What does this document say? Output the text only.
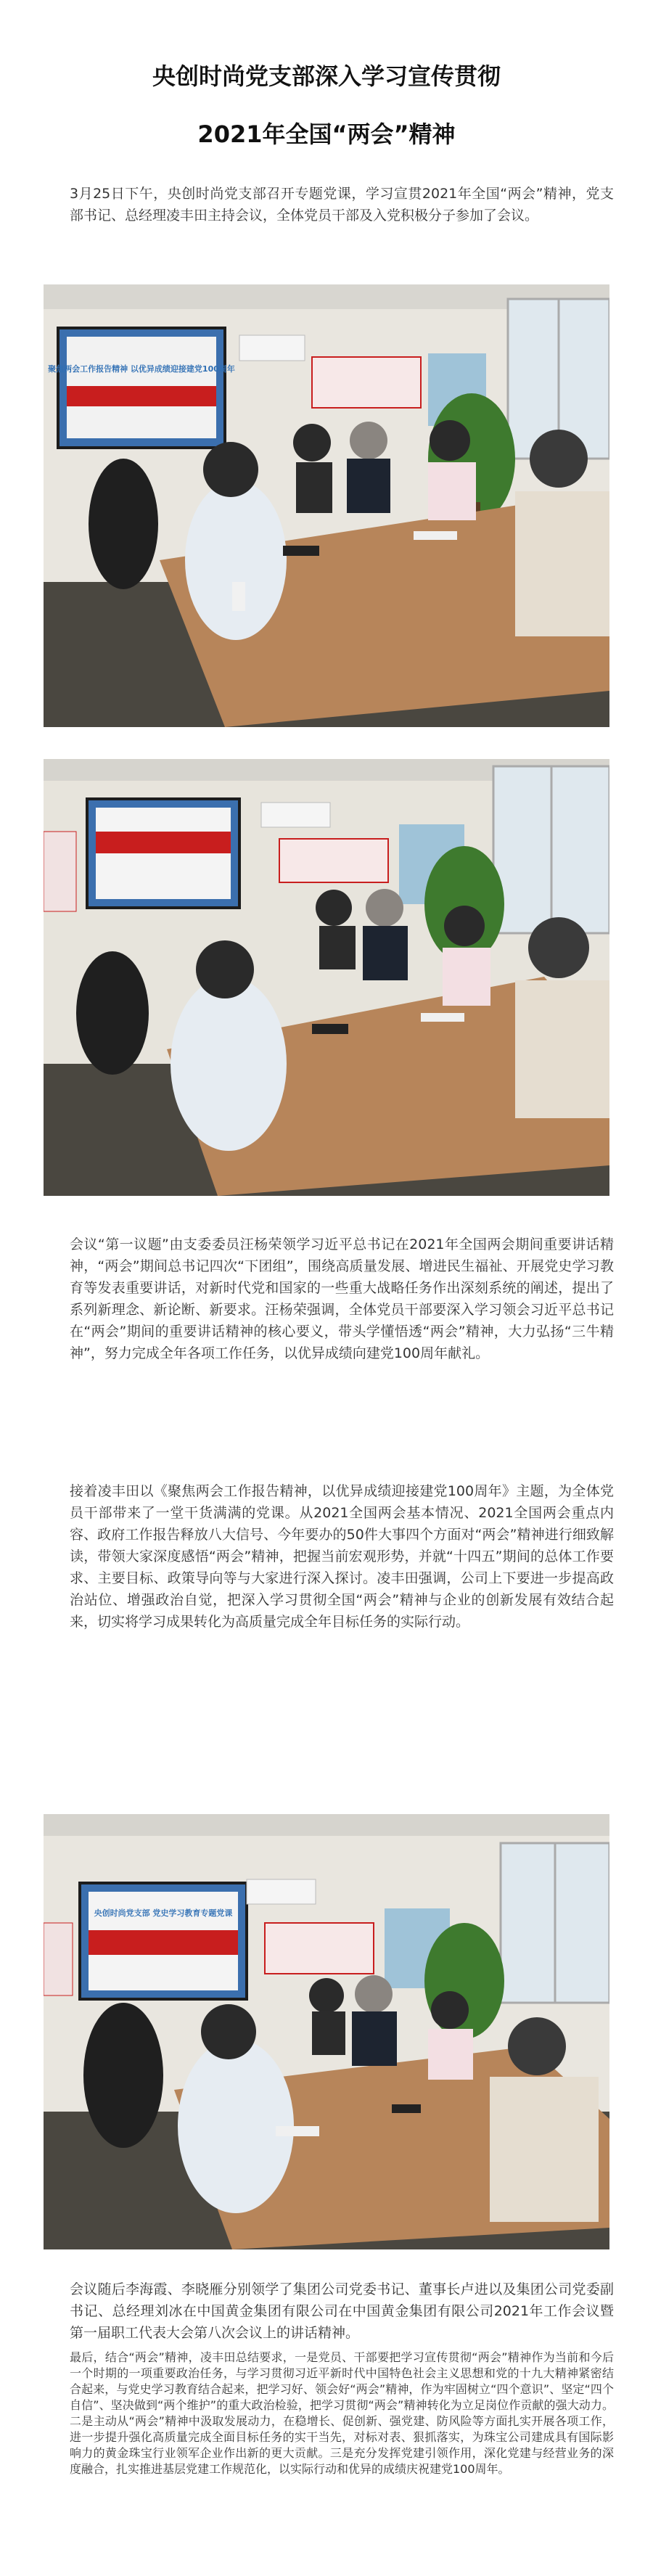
央创时尚党支部深入学习宣传贯彻
2021年全国“两会”精神

3月25日下午，央创时尚党支部召开专题党课，学习宣贯2021年全国“两会”精神，党支部书记、总经理凌丰田主持会议，全体党员干部及入党积极分子参加了会议。

聚焦两会工作报告精神 以优异成绩迎接建党100周年

会议“第一议题”由支委委员汪杨荣领学习近平总书记在2021年全国两会期间重要讲话精神，“两会”期间总书记四次“下团组”，围绕高质量发展、增进民生福祉、开展党史学习教育等发表重要讲话，对新时代党和国家的一些重大战略任务作出深刻系统的阐述，提出了系列新理念、新论断、新要求。汪杨荣强调，全体党员干部要深入学习领会习近平总书记在“两会”期间的重要讲话精神的核心要义，带头学懂悟透“两会”精神，大力弘扬“三牛精神”，努力完成全年各项工作任务，以优异成绩向建党100周年献礼。

接着凌丰田以《聚焦两会工作报告精神，以优异成绩迎接建党100周年》主题，为全体党员干部带来了一堂干货满满的党课。从2021全国两会基本情况、2021全国两会重点内容、政府工作报告释放八大信号、今年要办的50件大事四个方面对“两会”精神进行细致解读，带领大家深度感悟“两会”精神，把握当前宏观形势，并就“十四五”期间的总体工作要求、主要目标、政策导向等与大家进行深入探讨。凌丰田强调，公司上下要进一步提高政治站位、增强政治自觉，把深入学习贯彻全国“两会”精神与企业的创新发展有效结合起来，切实将学习成果转化为高质量完成全年目标任务的实际行动。

央创时尚党支部 党史学习教育专题党课

会议随后李海霞、李晓雁分别领学了集团公司党委书记、董事长卢进以及集团公司党委副书记、总经理刘冰在中国黄金集团有限公司在中国黄金集团有限公司2021年工作会议暨第一届职工代表大会第八次会议上的讲话精神。

最后，结合“两会”精神，凌丰田总结要求，一是党员、干部要把学习宣传贯彻“两会”精神作为当前和今后一个时期的一项重要政治任务，与学习贯彻习近平新时代中国特色社会主义思想和党的十九大精神紧密结合起来，与党史学习教育结合起来，把学习好、领会好“两会”精神，作为牢固树立“四个意识”、坚定“四个自信”、坚决做到“两个维护”的重大政治检验，把学习贯彻“两会”精神转化为立足岗位作贡献的强大动力。二是主动从“两会”精神中汲取发展动力，在稳增长、促创新、强党建、防风险等方面扎实开展各项工作，进一步提升强化高质量完成全面目标任务的实干当先，对标对表、狠抓落实，为珠宝公司建成具有国际影响力的黄金珠宝行业领军企业作出新的更大贡献。三是充分发挥党建引领作用，深化党建与经营业务的深度融合，扎实推进基层党建工作规范化，以实际行动和优异的成绩庆祝建党100周年。
